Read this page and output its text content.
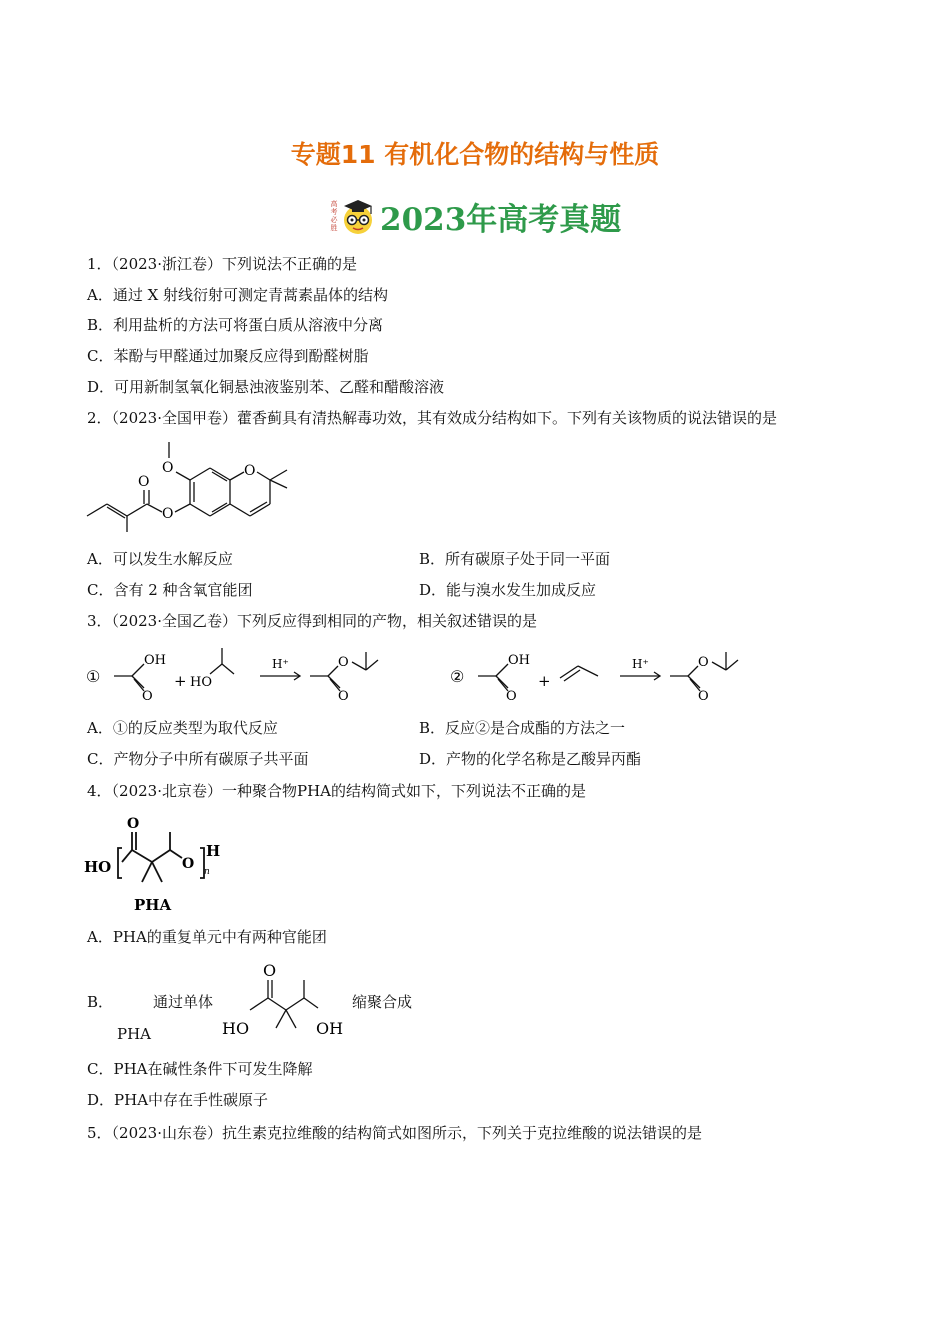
专题11 有机化合物的结构与性质
高考必胜 2023年高考真题
1．（2023·浙江卷）下列说法不正确的是
A．通过 X 射线衍射可测定青蒿素晶体的结构
B．利用盐析的方法可将蛋白质从溶液中分离
C．苯酚与甲醛通过加聚反应得到酚醛树脂
D．可用新制氢氧化铜悬浊液鉴别苯、乙醛和醋酸溶液
2．（2023·全国甲卷）藿香蓟具有清热解毒功效，其有效成分结构如下。下列有关该物质的说法错误的是
O
O
O	O
A．可以发生水解反应	B．所有碳原子处于同一平面
C．含有 2 种含氧官能团	D．能与溴水发生加成反应
3．（2023·全国乙卷）下列反应得到相同的产物，相关叙述错误的是
①
OH
O
+ HO
H⁺	O
O
②
OH
O
+
H⁺	O
O
A．①的反应类型为取代反应	B．反应②是合成酯的方法之一
C．产物分子中所有碳原子共平面	D．产物的化学名称是乙酸异丙酯
4．（2023·北京卷）一种聚合物PHA的结构简式如下，下列说法不正确的是
HO
O
O
H
n
PHA
A．PHA的重复单元中有两种官能团
B．	通过单体
PHA
O
HO	OH
缩聚合成
C．PHA在碱性条件下可发生降解
D．PHA中存在手性碳原子
5．（2023·山东卷）抗生素克拉维酸的结构简式如图所示，下列关于克拉维酸的说法错误的是
